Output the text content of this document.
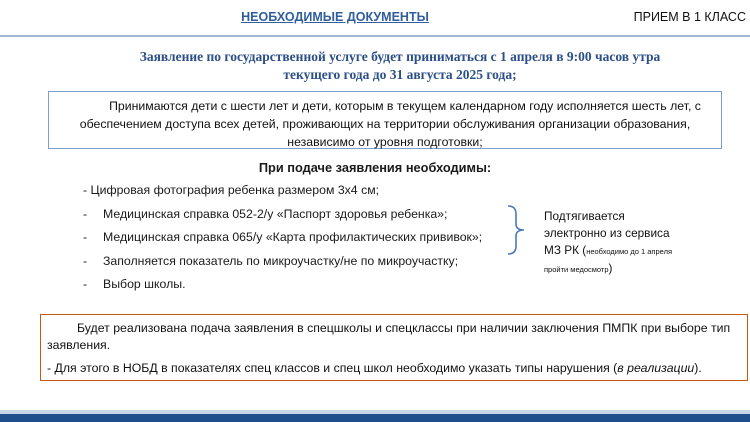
НЕОБХОДИМЫЕ ДОКУМЕНТЫ	ПРИЕМ В 1 КЛАСС
Заявление по государственной услуге будет приниматься с 1 апреля в 9:00 часов утра
текущего года до 31 августа 2025 года;
Принимаются дети с шести лет и дети, которым в текущем календарном году исполняется шесть лет, с
обеспечением доступа всех детей, проживающих на территории обслуживания организации образования,
независимо от уровня подготовки;
При подаче заявления необходимы:
- Цифровая фотография ребенка размером 3х4 см;
- Медицинская справка 052-2/у «Паспорт здоровья ребенка»;
- Медицинская справка 065/у «Карта профилактических прививок»;
- Заполняется показатель по микроучастку/не по микроучастку;
- Выбор школы.
Подтягивается
электронно из сервиса
МЗ РК (необходимо до 1 апреля
пройти медосмотр)

Будет реализована подача заявления в спецшколы и спецклассы при наличии заключения ПМПК при выборе тип заявления.

- Для этого в НОБД в показателях спец классов и спец школ необходимо указать типы нарушения (в реализации).
